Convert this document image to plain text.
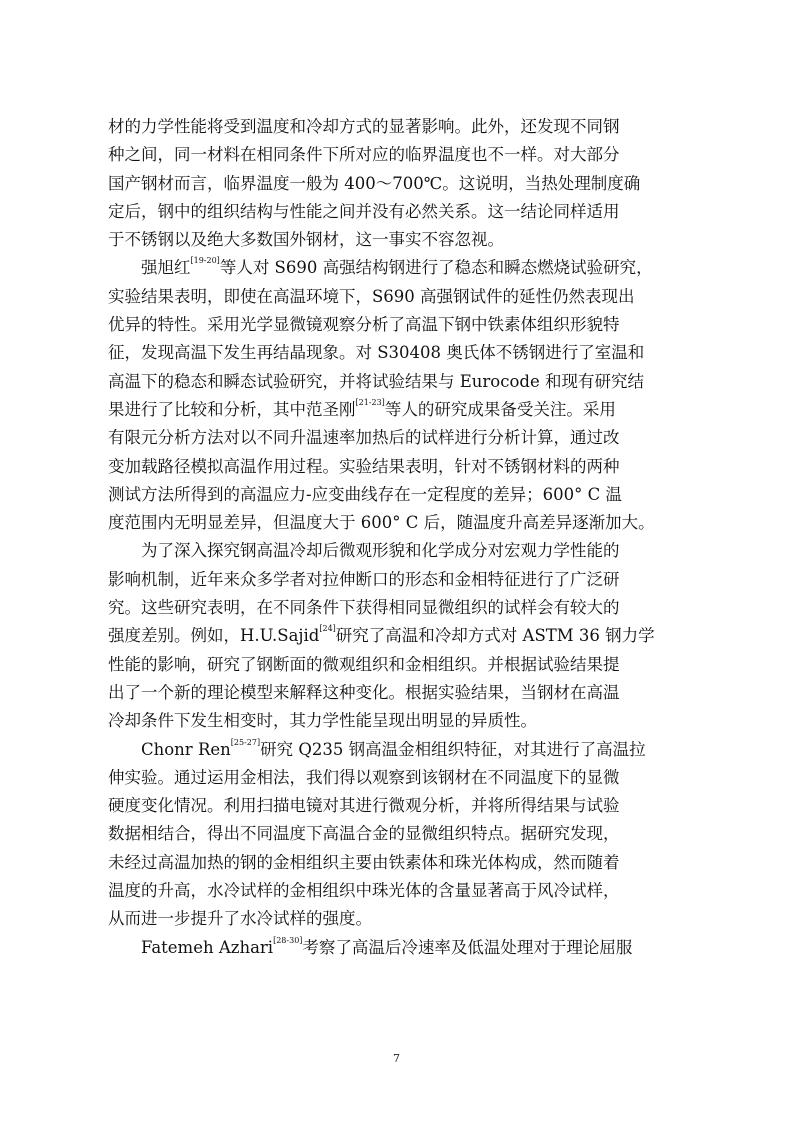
材的力学性能将受到温度和冷却方式的显著影响。此外，还发现不同钢
种之间，同一材料在相同条件下所对应的临界温度也不一样。对大部分
国产钢材而言，临界温度一般为 400～700℃。这说明，当热处理制度确
定后，钢中的组织结构与性能之间并没有必然关系。这一结论同样适用
于不锈钢以及绝大多数国外钢材，这一事实不容忽视。
　　强旭红[19-20]等人对 S690 高强结构钢进行了稳态和瞬态燃烧试验研究，
实验结果表明，即使在高温环境下，S690 高强钢试件的延性仍然表现出
优异的特性。采用光学显微镜观察分析了高温下钢中铁素体组织形貌特
征，发现高温下发生再结晶现象。对 S30408 奥氏体不锈钢进行了室温和
高温下的稳态和瞬态试验研究，并将试验结果与 Eurocode 和现有研究结
果进行了比较和分析，其中范圣刚[21-23]等人的研究成果备受关注。采用
有限元分析方法对以不同升温速率加热后的试样进行分析计算，通过改
变加载路径模拟高温作用过程。实验结果表明，针对不锈钢材料的两种
测试方法所得到的高温应力-应变曲线存在一定程度的差异；600° C 温
度范围内无明显差异，但温度大于 600° C 后，随温度升高差异逐渐加大。
　　为了深入探究钢高温冷却后微观形貌和化学成分对宏观力学性能的
影响机制，近年来众多学者对拉伸断口的形态和金相特征进行了广泛研
究。这些研究表明，在不同条件下获得相同显微组织的试样会有较大的
强度差别。例如，H.U.Sajid[24]研究了高温和冷却方式对 ASTM 36 钢力学
性能的影响，研究了钢断面的微观组织和金相组织。并根据试验结果提
出了一个新的理论模型来解释这种变化。根据实验结果，当钢材在高温
冷却条件下发生相变时，其力学性能呈现出明显的异质性。
　　Chonr Ren[25-27]研究 Q235 钢高温金相组织特征，对其进行了高温拉
伸实验。通过运用金相法，我们得以观察到该钢材在不同温度下的显微
硬度变化情况。利用扫描电镜对其进行微观分析，并将所得结果与试验
数据相结合，得出不同温度下高温合金的显微组织特点。据研究发现，
未经过高温加热的钢的金相组织主要由铁素体和珠光体构成，然而随着
温度的升高，水冷试样的金相组织中珠光体的含量显著高于风冷试样，
从而进一步提升了水冷试样的强度。
　　Fatemeh Azhari[28-30]考察了高温后冷速率及低温处理对于理论屈服
7
